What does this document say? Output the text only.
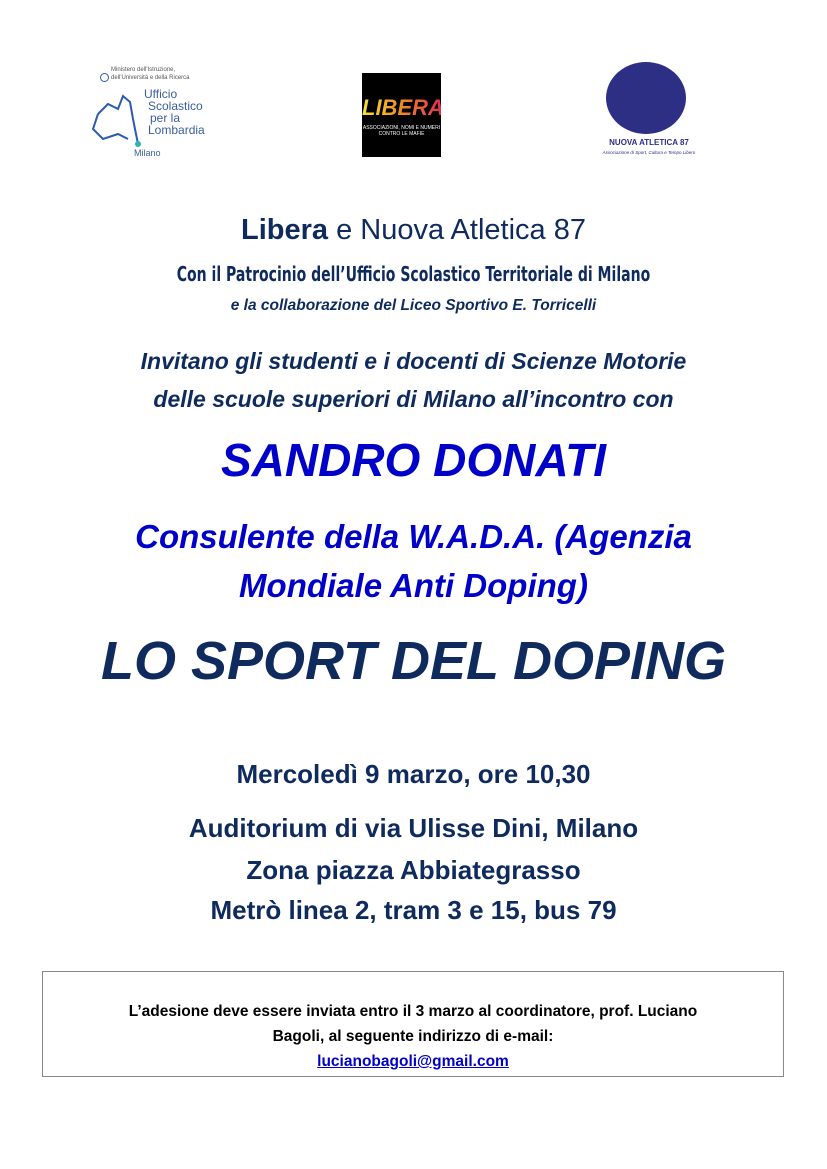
Ministero dell'Istruzione, dell'Università e della Ricerca
Ufficio
Scolastico
per la
Lombardia
Milano
LIBERA
ASSOCIAZIONI, NOMI E NUMERI CONTRO LE MAFIE
NUOVA ATLETICA 87
Associazione di Sport, Cultura e Tempo Libero
Libera e Nuova Atletica 87
Con il Patrocinio dell’Ufficio Scolastico Territoriale di Milano
e la collaborazione del Liceo Sportivo E. Torricelli
Invitano gli studenti e i docenti di Scienze Motorie
delle scuole superiori di Milano all’incontro con
SANDRO DONATI
Consulente della W.A.D.A. (Agenzia
Mondiale Anti Doping)
LO SPORT DEL DOPING
Mercoledì 9 marzo, ore 10,30
Auditorium di via Ulisse Dini, Milano
Zona piazza Abbiategrasso
Metrò linea 2, tram 3 e 15, bus 79
L’adesione deve essere inviata entro il 3 marzo al coordinatore, prof. Luciano
Bagoli, al seguente indirizzo di e-mail:
lucianobagoli@gmail.com
